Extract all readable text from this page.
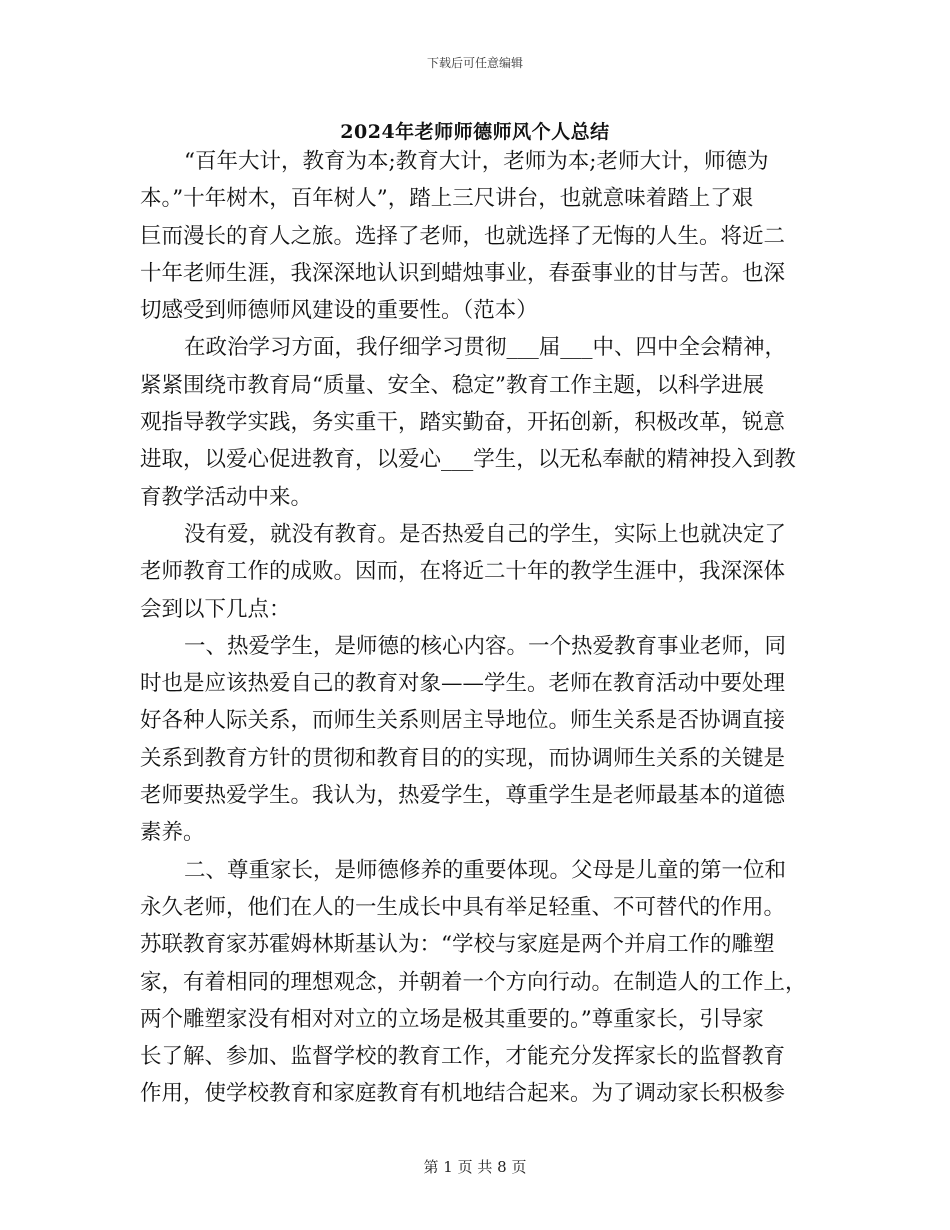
下载后可任意编辑
2024年老师师德师风个人总结
“百年大计，教育为本;教育大计，老师为本;老师大计，师德为
本。”十年树木，百年树人”，踏上三尺讲台，也就意味着踏上了艰
巨而漫长的育人之旅。选择了老师，也就选择了无悔的人生。将近二
十年老师生涯，我深深地认识到蜡烛事业，春蚕事业的甘与苦。也深
切感受到师德师风建设的重要性。（范本）
在政治学习方面，我仔细学习贯彻___届___中、四中全会精神，
紧紧围绕市教育局“质量、安全、稳定”教育工作主题，以科学进展
观指导教学实践，务实重干，踏实勤奋，开拓创新，积极改革，锐意
进取，以爱心促进教育，以爱心___学生，以无私奉献的精神投入到教
育教学活动中来。
没有爱，就没有教育。是否热爱自己的学生，实际上也就决定了
老师教育工作的成败。因而，在将近二十年的教学生涯中，我深深体
会到以下几点：
一、热爱学生，是师德的核心内容。一个热爱教育事业老师，同
时也是应该热爱自己的教育对象——学生。老师在教育活动中要处理
好各种人际关系，而师生关系则居主导地位。师生关系是否协调直接
关系到教育方针的贯彻和教育目的的实现，而协调师生关系的关键是
老师要热爱学生。我认为，热爱学生，尊重学生是老师最基本的道德
素养。
二、尊重家长，是师德修养的重要体现。父母是儿童的第一位和
永久老师，他们在人的一生成长中具有举足轻重、不可替代的作用。
苏联教育家苏霍姆林斯基认为：“学校与家庭是两个并肩工作的雕塑
家，有着相同的理想观念，并朝着一个方向行动。在制造人的工作上，
两个雕塑家没有相对对立的立场是极其重要的。”尊重家长，引导家
长了解、参加、监督学校的教育工作，才能充分发挥家长的监督教育
作用，使学校教育和家庭教育有机地结合起来。为了调动家长积极参
第 1 页 共 8 页
